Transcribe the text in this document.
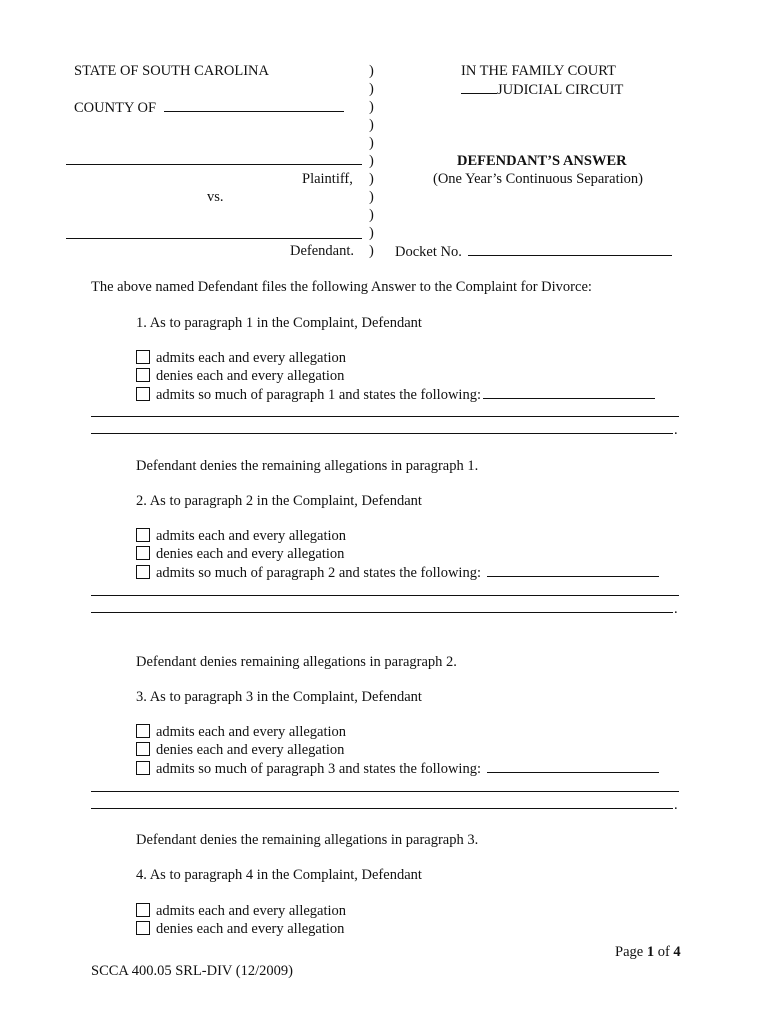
STATE OF SOUTH CAROLINA
COUNTY OF
Plaintiff,
vs.
Defendant.
)
)
)
)
)
)
)
)
)
)
)
IN THE FAMILY COURT
JUDICIAL CIRCUIT
DEFENDANT’S ANSWER
(One Year’s Continuous Separation)
Docket No.
The above named Defendant files the following Answer to the Complaint for Divorce:
1. As to paragraph 1 in the Complaint, Defendant
admits each and every allegation
denies each and every allegation
admits so much of paragraph 1 and states the following:
.
Defendant denies the remaining allegations in paragraph 1.
2. As to paragraph 2 in the Complaint, Defendant
admits each and every allegation
denies each and every allegation
admits so much of paragraph 2 and states the following:
.
Defendant denies remaining allegations in paragraph 2.
3. As to paragraph 3 in the Complaint, Defendant
admits each and every allegation
denies each and every allegation
admits so much of paragraph 3 and states the following:
.
Defendant denies the remaining allegations in paragraph 3.
4. As to paragraph 4 in the Complaint, Defendant
admits each and every allegation
denies each and every allegation
Page 1 of 4
SCCA 400.05 SRL-DIV (12/2009)
